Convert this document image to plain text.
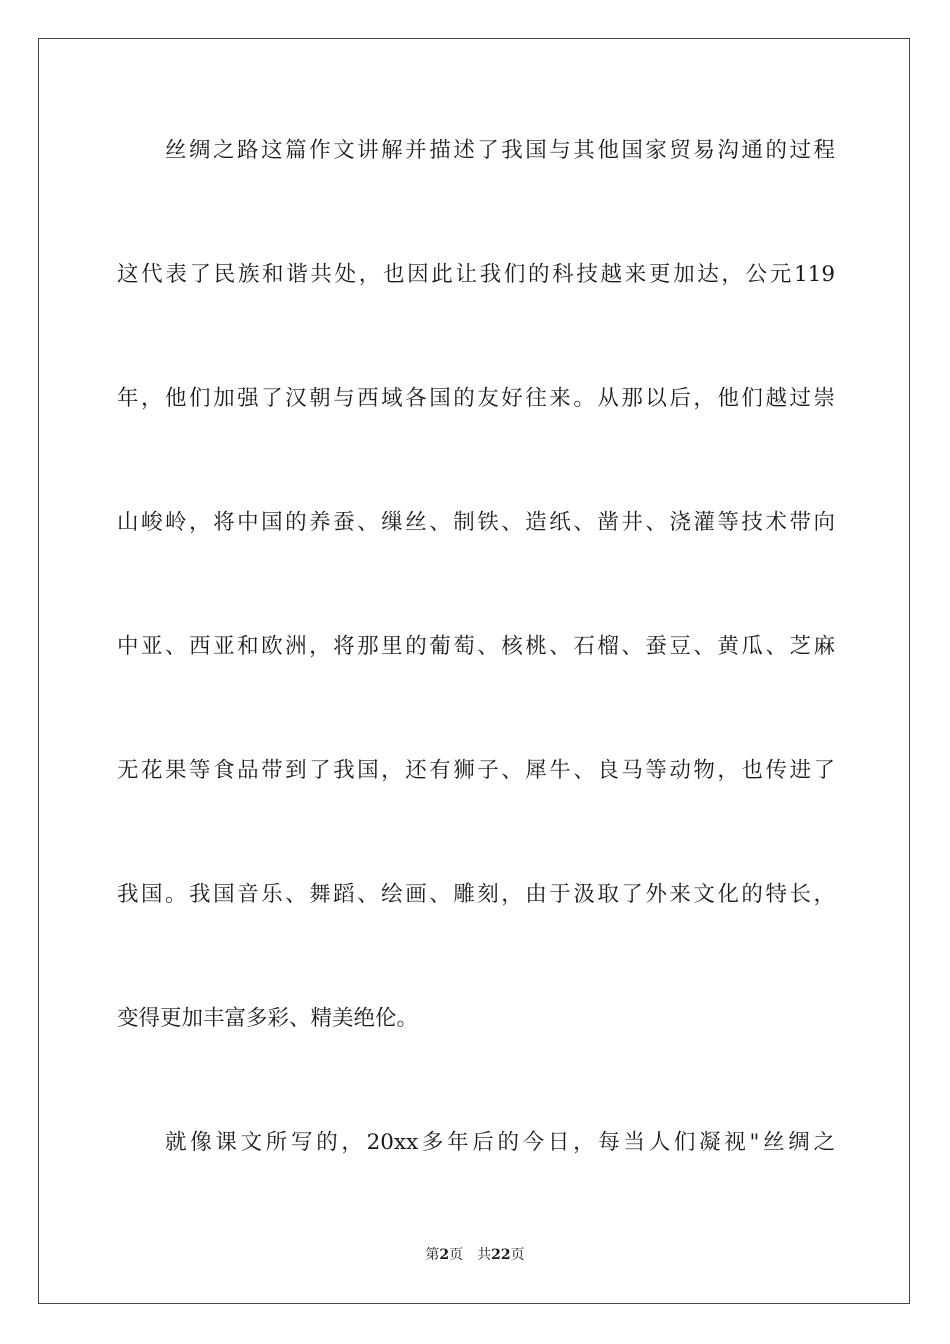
丝绸之路这篇作文讲解并描述了我国与其他国家贸易沟通的过程
这代表了民族和谐共处，也因此让我们的科技越来更加达，公元119
年，他们加强了汉朝与西域各国的友好往来。从那以后，他们越过崇
山峻岭，将中国的养蚕、缫丝、制铁、造纸、凿井、浇灌等技术带向
中亚、西亚和欧洲，将那里的葡萄、核桃、石榴、蚕豆、黄瓜、芝麻
无花果等食品带到了我国，还有狮子、犀牛、良马等动物，也传进了
我国。我国音乐、舞蹈、绘画、雕刻，由于汲取了外来文化的特长，
变得更加丰富多彩、精美绝伦。
就像课文所写的，20xx多年后的今日，每当人们凝视"丝绸之
第2页 共22页
